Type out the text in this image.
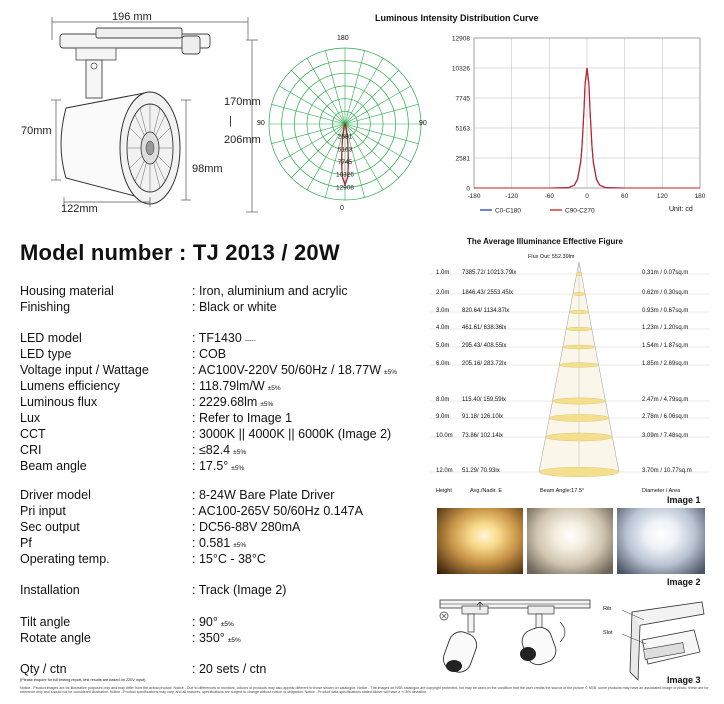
196 mm
170mm
|
206mm
70mm
98mm
122mm
Luminous Intensity Distribution Curve
2581
5163
7745
10326
12908
180
0
90	90
12908
10326
7745
5163
2581
0
-180	-120	-60	0	60	120	180
C0-C180	C90-C270	Unit: cd
Model number : TJ 2013 / 20W
Housing material	: Iron, aluminium and acrylic
Finishing	: Black or white
LED model	: TF1430 -----
LED type	: COB
Voltage input / Wattage	: AC100V-220V 50/60Hz / 18.77W ±5%
Lumens efficiency	: 118.79lm/W ±5%
Luminous flux	: 2229.68lm ±5%
Lux	: Refer to Image 1
CCT	: 3000K || 4000K || 6000K (Image 2)
CRI	: ≤82.4 ±5%
Beam angle	: 17.5° ±5%
Driver model	: 8-24W Bare Plate Driver
Pri input	: AC100-265V 50/60Hz 0.147A
Sec output	: DC56-88V 280mA
Pf	: 0.581 ±5%
Operating temp.	: 15°C - 38°C
Installation	: Track (Image 2)
Tilt angle	: 90° ±5%
Rotate angle	: 350° ±5%
Qty / ctn	: 20 sets / ctn
(Please enquire for full testing report, test results are based on 220V input)
The Average Illuminance Effective Figure
Flux Out: 552.39lm
1.0m 7385.72/ 10213.79lx	0.31m / 0.07sq.m
2.0m 1846.43/ 2553.45lx	0.62m / 0.30sq.m
3.0m 820.64/ 1134.87lx	0.93m / 0.67sq.m
4.0m 461.61/ 638.36lx	1.23m / 1.20sq.m
5.0m 295.43/ 408.55lx	1.54m / 1.87sq.m
6.0m 205.16/ 283.72lx	1.85m / 2.69sq.m
8.0m 115.40/ 159.59lx	2.47m / 4.79sq.m
9.0m 91.18/ 126.10lx	2.78m / 6.06sq.m
10.0m 73.86/ 102.14lx	3.09m / 7.48sq.m
12.0m 51.29/ 70.93lx	3.70m / 10.77sq.m
Height	Avg./Nadir. E	Beam Angle:17.5°	Diameter / Area
Image 1
Image 2
Rib
Slot
Image 3
Notice - Product images are for illustrative purposes only and may differ from the actual product. Notice - Due to differences in monitors, colours of products may also appear different to those shown on catalogue. Notice - The images on NSB catalogue are copyright protected, but may be used on the condition that the user credits the source of the picture © NSB, some products may have an associated image or photo, these are for reference only and should not be considered illustrative. Notice - Product specifications may vary, and all features, specifications are subject to change without notice or obligation. Notice - Product data specifications stated above will have a +/-5% deviation.
